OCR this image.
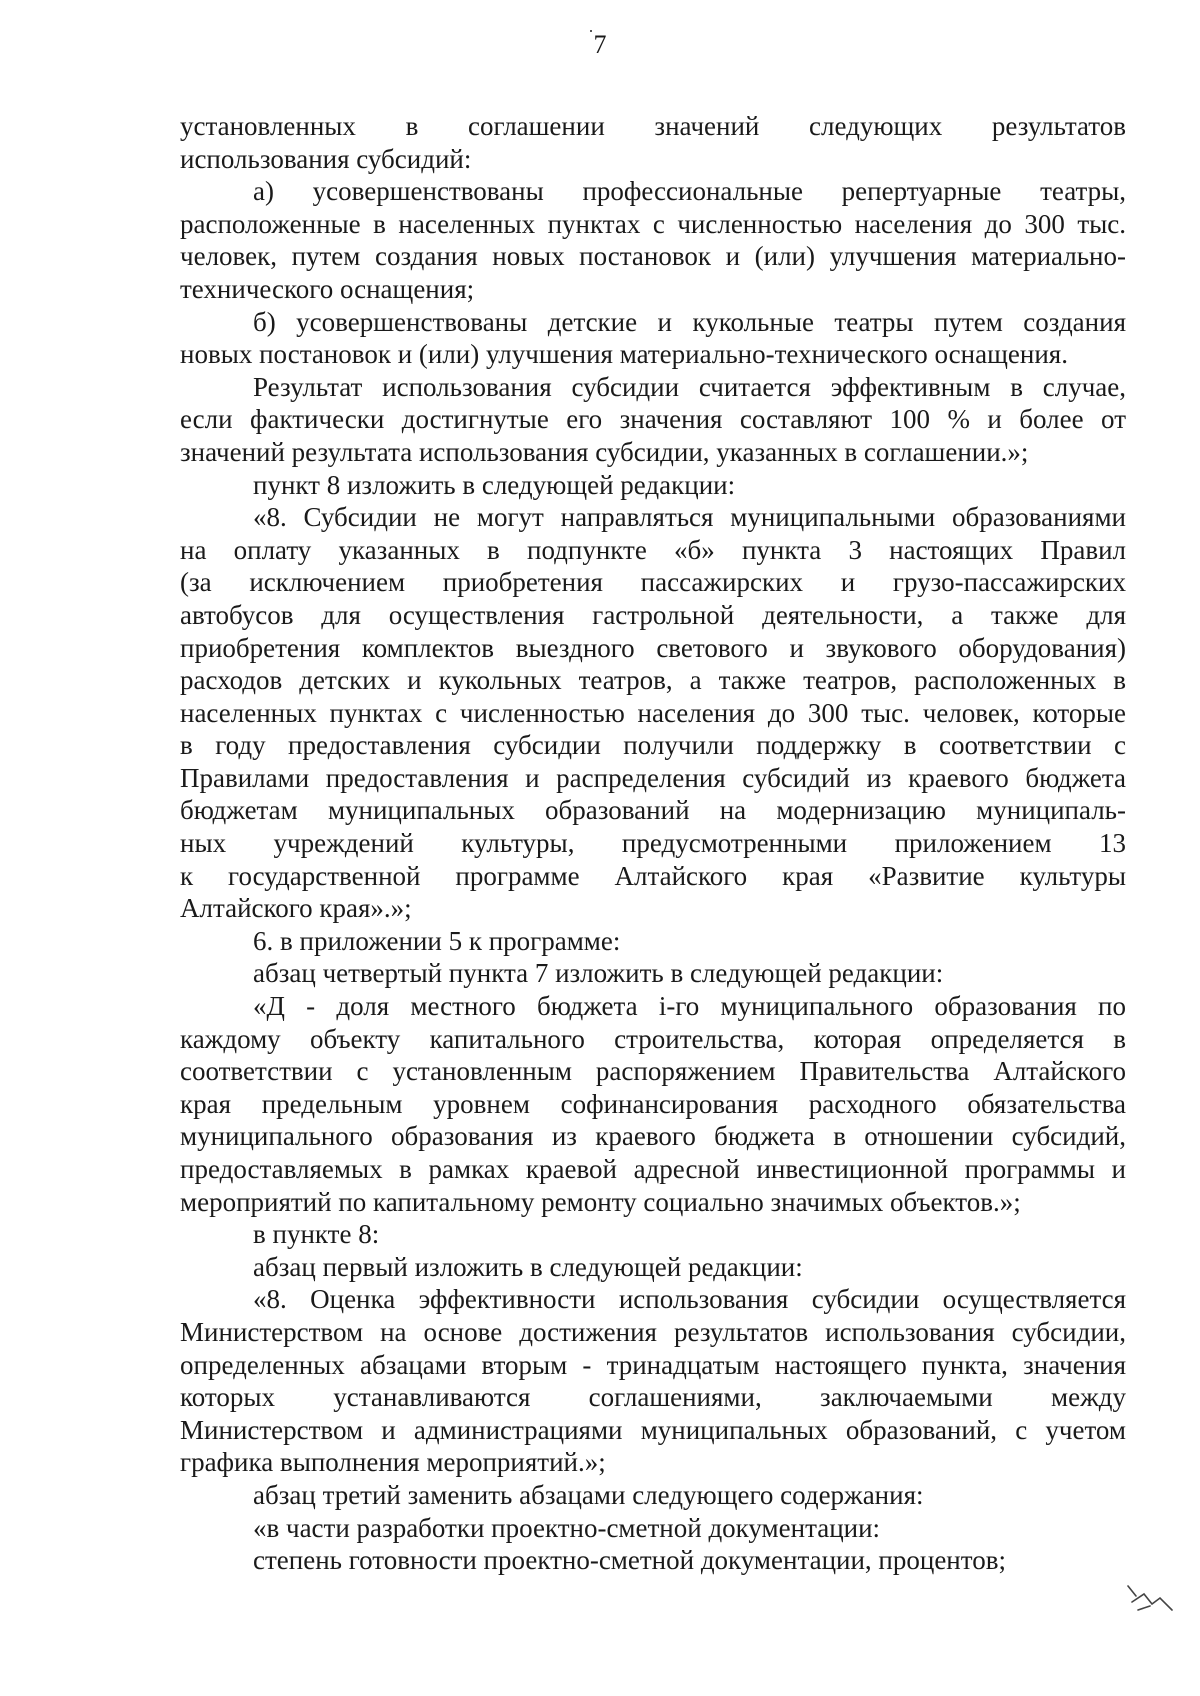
7
установленных в соглашении значений следующих результатов
использования субсидий:
а) усовершенствованы профессиональные репертуарные театры,
расположенные в населенных пунктах с численностью населения до 300 тыс.
человек, путем создания новых постановок и (или) улучшения материально-
технического оснащения;
б) усовершенствованы детские и кукольные театры путем создания
новых постановок и (или) улучшения материально-технического оснащения.
Результат использования субсидии считается эффективным в случае,
если фактически достигнутые его значения составляют 100 % и более от
значений результата использования субсидии, указанных в соглашении.»;
пункт 8 изложить в следующей редакции:
«8. Субсидии не могут направляться муниципальными образованиями
на оплату указанных в подпункте «б» пункта 3 настоящих Правил
(за исключением приобретения пассажирских и грузо-пассажирских
автобусов для осуществления гастрольной деятельности, а также для
приобретения комплектов выездного светового и звукового оборудования)
расходов детских и кукольных театров, а также театров, расположенных в
населенных пунктах с численностью населения до 300 тыс. человек, которые
в году предоставления субсидии получили поддержку в соответствии с
Правилами предоставления и распределения субсидий из краевого бюджета
бюджетам муниципальных образований на модернизацию муниципаль-
ных учреждений культуры, предусмотренными приложением 13
к государственной программе Алтайского края «Развитие культуры
Алтайского края».»;
6. в приложении 5 к программе:
абзац четвертый пункта 7 изложить в следующей редакции:
«Д - доля местного бюджета i-го муниципального образования по
каждому объекту капитального строительства, которая определяется в
соответствии с установленным распоряжением Правительства Алтайского
края предельным уровнем софинансирования расходного обязательства
муниципального образования из краевого бюджета в отношении субсидий,
предоставляемых в рамках краевой адресной инвестиционной программы и
мероприятий по капитальному ремонту социально значимых объектов.»;
в пункте 8:
абзац первый изложить в следующей редакции:
«8. Оценка эффективности использования субсидии осуществляется
Министерством на основе достижения результатов использования субсидии,
определенных абзацами вторым - тринадцатым настоящего пункта, значения
которых устанавливаются соглашениями, заключаемыми между
Министерством и администрациями муниципальных образований, с учетом
графика выполнения мероприятий.»;
абзац третий заменить абзацами следующего содержания:
«в части разработки проектно-сметной документации:
степень готовности проектно-сметной документации, процентов;
